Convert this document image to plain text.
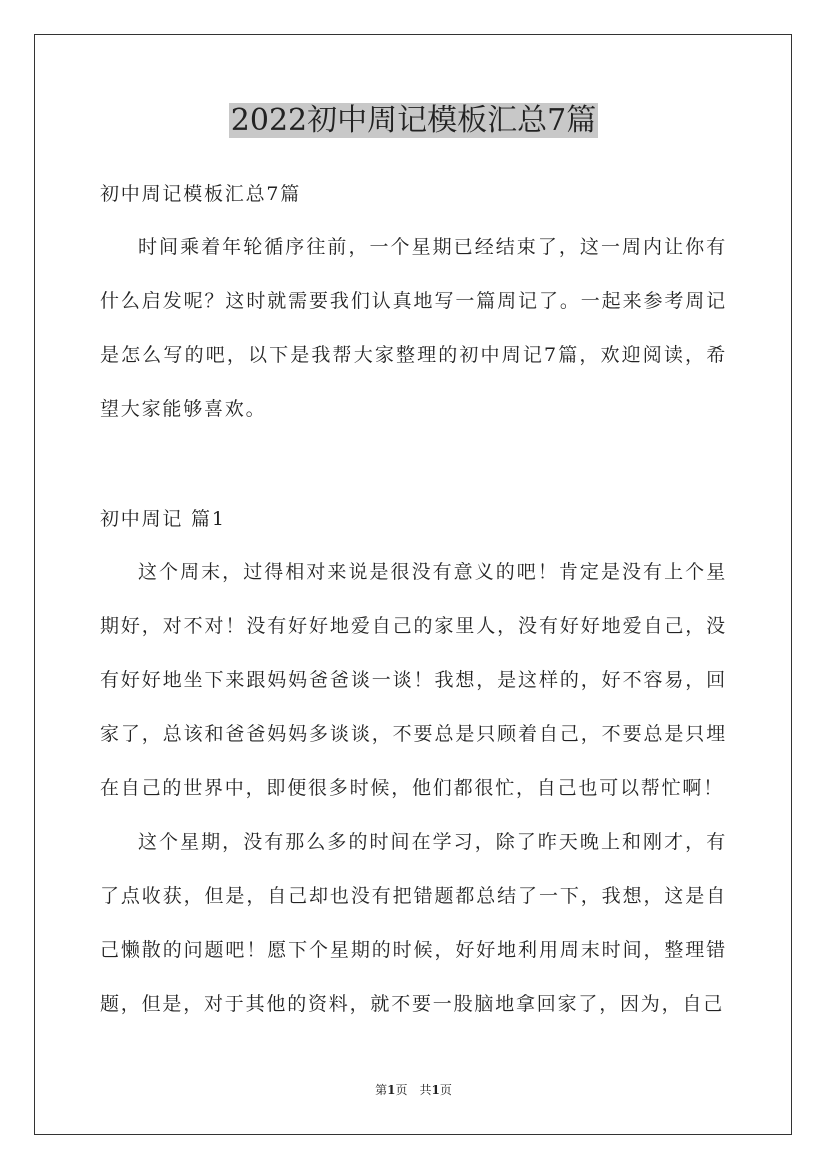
2022初中周记模板汇总7篇
初中周记模板汇总7篇

时间乘着年轮循序往前，一个星期已经结束了，这一周内让你有什么启发呢？这时就需要我们认真地写一篇周记了。一起来参考周记是怎么写的吧，以下是我帮大家整理的初中周记7篇，欢迎阅读，希望大家能够喜欢。

初中周记 篇1

这个周末，过得相对来说是很没有意义的吧！肯定是没有上个星期好，对不对！没有好好地爱自己的家里人，没有好好地爱自己，没有好好地坐下来跟妈妈爸爸谈一谈！我想，是这样的，好不容易，回家了，总该和爸爸妈妈多谈谈，不要总是只顾着自己，不要总是只埋在自己的世界中，即便很多时候，他们都很忙，自己也可以帮忙啊！

这个星期，没有那么多的时间在学习，除了昨天晚上和刚才，有了点收获，但是，自己却也没有把错题都总结了一下，我想，这是自己懒散的问题吧！愿下个星期的时候，好好地利用周末时间，整理错题，但是，对于其他的资料，就不要一股脑地拿回家了，因为，自己

第1页　共1页
